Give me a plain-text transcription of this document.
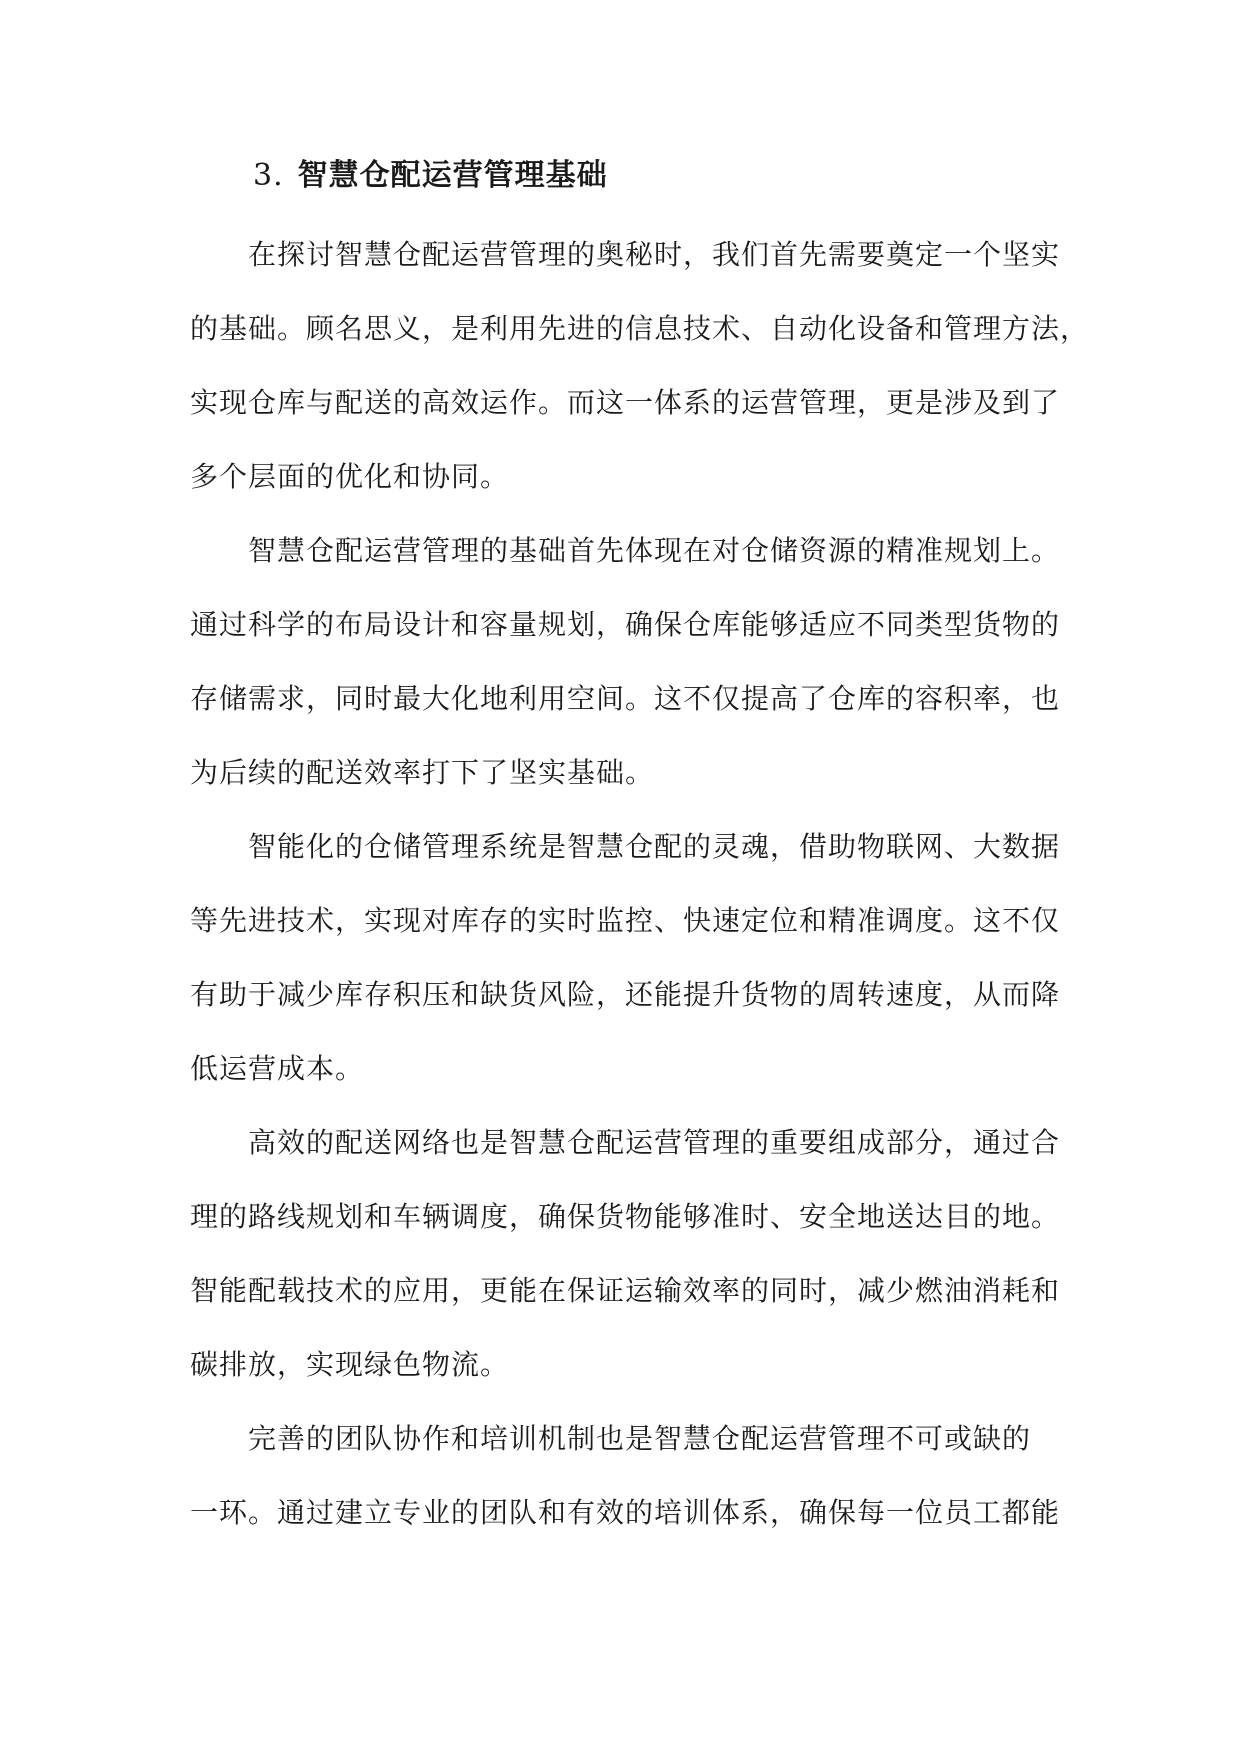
3. 智慧仓配运营管理基础

在探讨智慧仓配运营管理的奥秘时，我们首先需要奠定一个坚实
的基础。顾名思义，是利用先进的信息技术、自动化设备和管理方法，
实现仓库与配送的高效运作。而这一体系的运营管理，更是涉及到了
多个层面的优化和协同。

智慧仓配运营管理的基础首先体现在对仓储资源的精准规划上。
通过科学的布局设计和容量规划，确保仓库能够适应不同类型货物的
存储需求，同时最大化地利用空间。这不仅提高了仓库的容积率，也
为后续的配送效率打下了坚实基础。

智能化的仓储管理系统是智慧仓配的灵魂，借助物联网、大数据
等先进技术，实现对库存的实时监控、快速定位和精准调度。这不仅
有助于减少库存积压和缺货风险，还能提升货物的周转速度，从而降
低运营成本。

高效的配送网络也是智慧仓配运营管理的重要组成部分，通过合
理的路线规划和车辆调度，确保货物能够准时、安全地送达目的地。
智能配载技术的应用，更能在保证运输效率的同时，减少燃油消耗和
碳排放，实现绿色物流。

完善的团队协作和培训机制也是智慧仓配运营管理不可或缺的
一环。通过建立专业的团队和有效的培训体系，确保每一位员工都能
